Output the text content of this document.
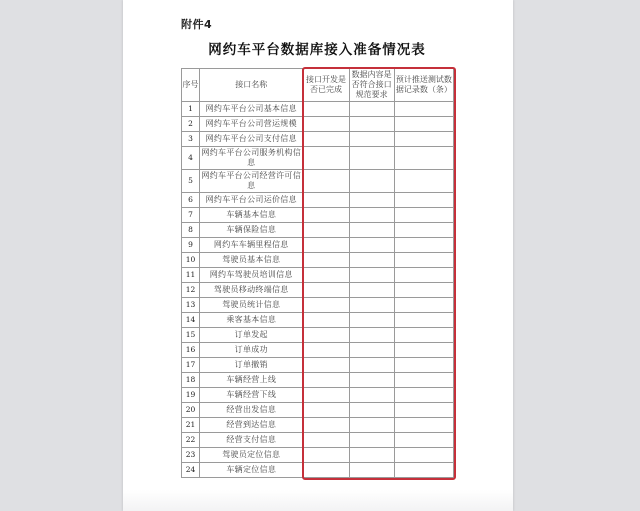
附件4
网约车平台数据库接入准备情况表
序号	接口名称	接口开发是否已完成	数据内容是否符合接口规范要求	预计推送测试数据记录数（条）
1	网约车平台公司基本信息			
2	网约车平台公司营运规模			
3	网约车平台公司支付信息			
4	网约车平台公司服务机构信息			
5	网约车平台公司经营许可信息			
6	网约车平台公司运价信息			
7	车辆基本信息			
8	车辆保险信息			
9	网约车车辆里程信息			
10	驾驶员基本信息			
11	网约车驾驶员培训信息			
12	驾驶员移动终端信息			
13	驾驶员统计信息			
14	乘客基本信息			
15	订单发起			
16	订单成功			
17	订单撤销			
18	车辆经营上线			
19	车辆经营下线			
20	经营出发信息			
21	经营到达信息			
22	经营支付信息			
23	驾驶员定位信息			
24	车辆定位信息			
